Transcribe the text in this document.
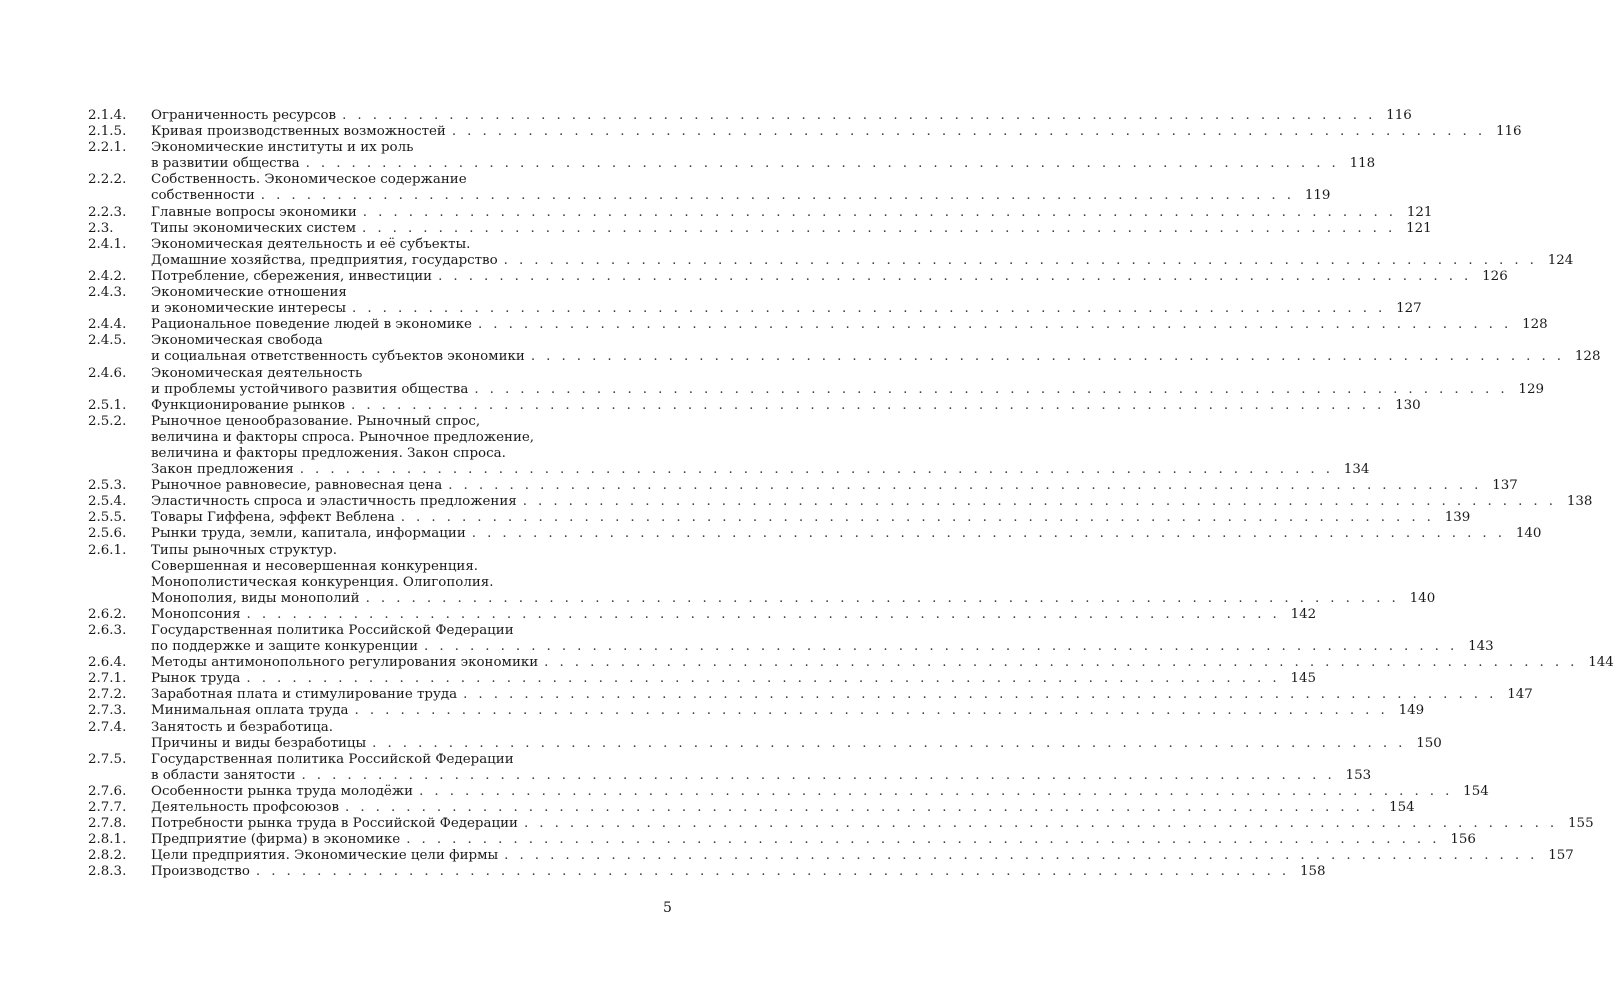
2.1.4.	Ограниченность ресурсов . . .	116
2.1.5.	Кривая производственных возможностей . . .	116
2.2.1.	Экономические институты и их роль
в развитии общества . . .	118
2.2.2.	Собственность. Экономическое содержание
собственности . . .	119
2.2.3.	Главные вопросы экономики . . .	121
2.3.	Типы экономических систем . . .	121
2.4.1.	Экономическая деятельность и её субъекты.
Домашние хозяйства, предприятия, государство . . .	124
2.4.2.	Потребление, сбережения, инвестиции . . .	126
2.4.3.	Экономические отношения
и экономические интересы . . .	127
2.4.4.	Рациональное поведение людей в экономике . . .	128
2.4.5.	Экономическая свобода
и социальная ответственность субъектов экономики . . .	128
2.4.6.	Экономическая деятельность
и проблемы устойчивого развития общества . . .	129
2.5.1.	Функционирование рынков . . .	130
2.5.2.	Рыночное ценообразование. Рыночный спрос,
величина и факторы спроса. Рыночное предложение,
величина и факторы предложения. Закон спроса.
Закон предложения . . .	134
2.5.3.	Рыночное равновесие, равновесная цена . . .	137
2.5.4.	Эластичность спроса и эластичность предложения . . .	138
2.5.5.	Товары Гиффена, эффект Веблена . . .	139
2.5.6.	Рынки труда, земли, капитала, информации . . .	140
2.6.1.	Типы рыночных структур.
Совершенная и несовершенная конкуренция.
Монополистическая конкуренция. Олигополия.
Монополия, виды монополий . . .	140
2.6.2.	Монопсония . . .	142
2.6.3.	Государственная политика Российской Федерации
по поддержке и защите конкуренции . . .	143
2.6.4.	Методы антимонопольного регулирования экономики . . .	144
2.7.1.	Рынок труда . . .	145
2.7.2.	Заработная плата и стимулирование труда . . .	147
2.7.3.	Минимальная оплата труда . . .	149
2.7.4.	Занятость и безработица.
Причины и виды безработицы . . .	150
2.7.5.	Государственная политика Российской Федерации
в области занятости . . .	153
2.7.6.	Особенности рынка труда молодёжи . . .	154
2.7.7.	Деятельность профсоюзов . . .	154
2.7.8.	Потребности рынка труда в Российской Федерации . . .	155
2.8.1.	Предприятие (фирма) в экономике . . .	156
2.8.2.	Цели предприятия. Экономические цели фирмы . . .	157
2.8.3.	Производство . . .	158
5
